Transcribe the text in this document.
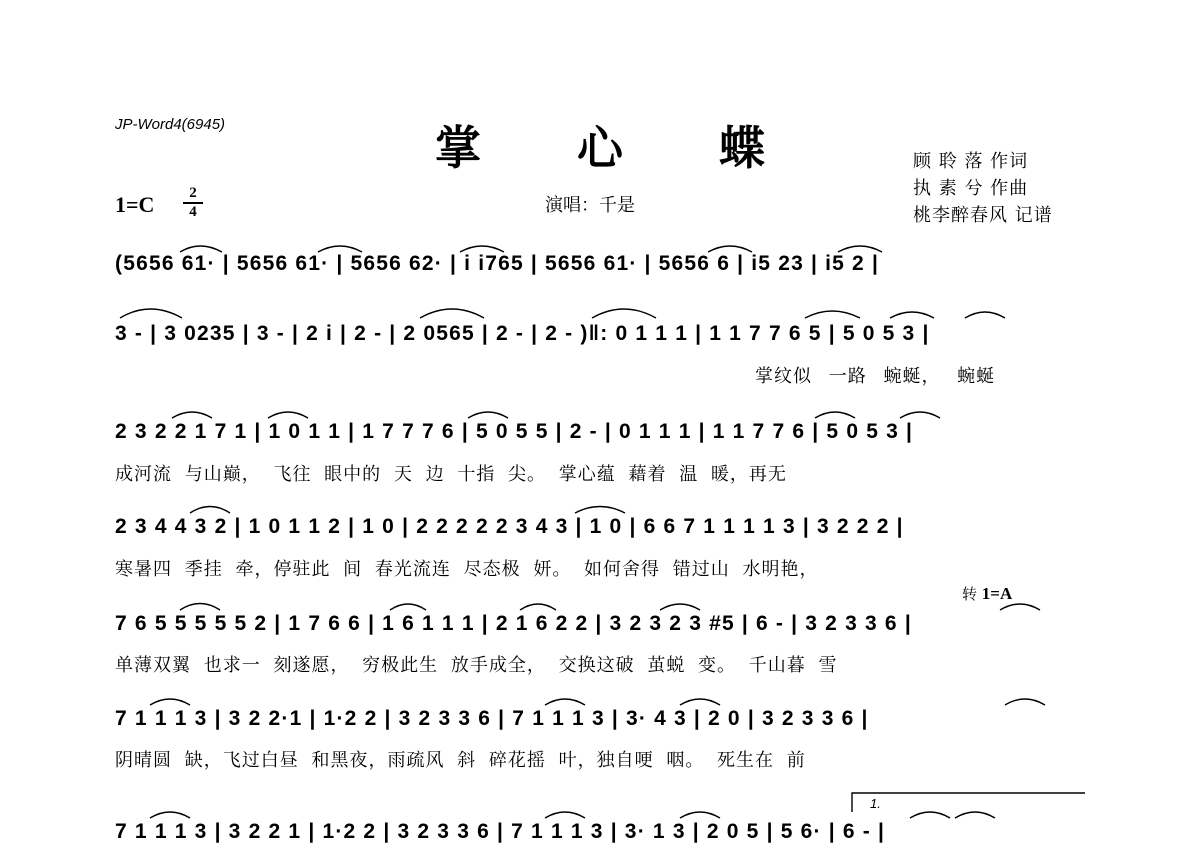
JP-Word4(6945)	掌 心 蝶
1=C	2
4	演唱：千是
顾 聆 落 作词
执 素 兮 作曲
桃李醉春风 记谱
(5656 61· | 5656 61· | 5656 62· | i i765 | 5656 61· | 5656 6 | i5 23 | i5 2 |
3 - | 3 0235 | 3 - | 2 i | 2 - | 2 0565 | 2 - | 2 - )‖: 0 1 1 1 | 1 1 7 7 6 5 | 5 0 5 3 |
掌纹似 一路 蜿蜒， 蜿蜒
2 3 2 2 1 7 1 | 1 0 1 1 | 1 7 7 7 6 | 5 0 5 5 | 2 - | 0 1 1 1 | 1 1 7 7 6 | 5 0 5 3 |
成河流 与山巅， 飞往 眼中的 天 边 十指 尖。 掌心蕴 藉着 温 暖，再无
2 3 4 4 3 2 | 1 0 1 1 2 | 1 0 | 2 2 2 2 2 3 4 3 | 1 0 | 6 6 7 1 1 1 1 3 | 3 2 2 2 |
寒暑四 季挂 牵，停驻此 间 春光流连 尽态极 妍。 如何舍得 错过山 水明艳，
转 1=A
7 6 5 5 5 5 5 2 | 1 7 6 6 | 1 6 1 1 1 | 2 1 6 2 2 | 3 2 3 2 3 #5 | 6 - | 3 2 3 3 6 |
单薄双翼 也求一 刻遂愿， 穷极此生 放手成全， 交换这破 茧蜕 变。 千山暮 雪
7 1 1 1 3 | 3 2 2·1 | 1·2 2 | 3 2 3 3 6 | 7 1 1 1 3 | 3· 4 3 | 2 0 | 3 2 3 3 6 |
阴晴圆 缺，飞过白昼 和黑夜，雨疏风 斜 碎花摇 叶，独自哽 咽。 死生在 前
1.
7 1 1 1 3 | 3 2 2 1 | 1·2 2 | 3 2 3 3 6 | 7 1 1 1 3 | 3· 1 3 | 2 0 5 | 5 6· | 6 - |
